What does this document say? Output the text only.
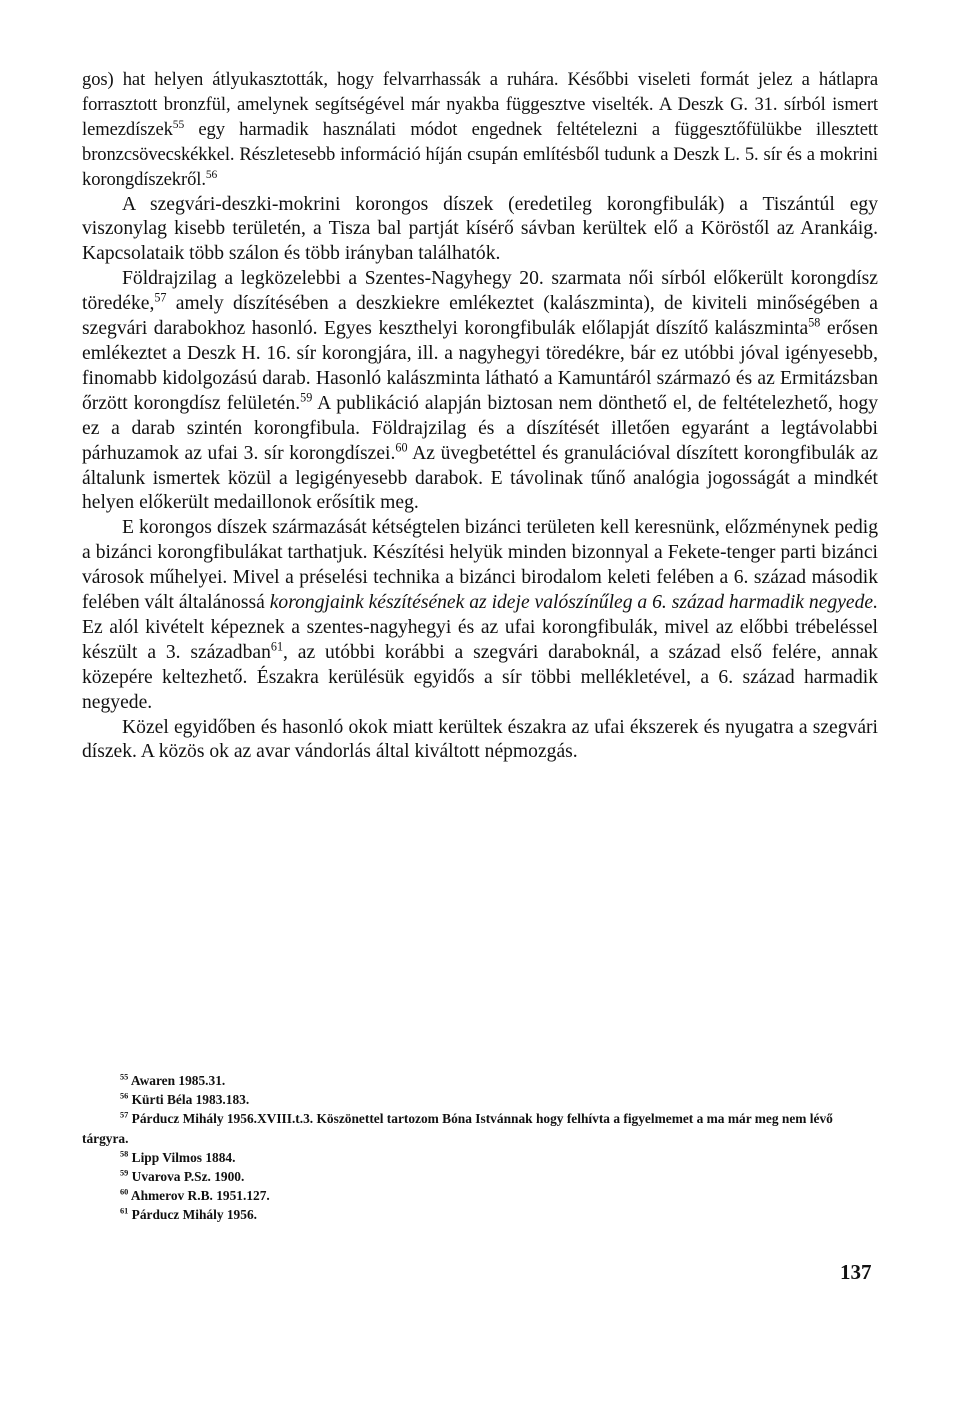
gos) hat helyen átlyukasztották, hogy felvarrhassák a ruhára. Későbbi viseleti formát jelez a hátlapra forrasztott bronzfül, amelynek segítségével már nyakba függesztve viselték. A Deszk G. 31. sírból ismert lemezdíszek$^{55}$ egy harmadik használati módot engednek feltételezni a függesztőfülükbe illesztett bronzcsövecskékkel. Részletesebb információ híján csupán említésből tudunk a Deszk L. 5. sír és a mokrini korongdíszekről.$^{56}$

A szegvári-deszki-mokrini korongos díszek (eredetileg korongfibulák) a Tiszántúl egy viszonylag kisebb területén, a Tisza bal partját kísérő sávban kerültek elő a Köröstől az Arankáig. Kapcsolataik több szálon és több irányban találhatók.

Földrajzilag a legközelebbi a Szentes-Nagyhegy 20. szarmata női sírból előkerült korongdísz töredéke,$^{57}$ amely díszítésében a deszkiekre emlékeztet (kalászminta), de kiviteli minőségében a szegvári darabokhoz hasonló. Egyes keszthelyi korongfibulák előlapját díszítő kalászminta$^{58}$ erősen emlékeztet a Deszk H. 16. sír korongjára, ill. a nagyhegyi töredékre, bár ez utóbbi jóval igényesebb, finomabb kidolgozású darab. Hasonló kalászminta látható a Kamuntáról származó és az Ermitázsban őrzött korongdísz felületén.$^{59}$ A publikáció alapján biztosan nem dönthető el, de feltételezhető, hogy ez a darab szintén korongfibula. Földrajzilag és a díszítését illetően egyaránt a legtávolabbi párhuzamok az ufai 3. sír korongdíszei.$^{60}$ Az üvegbetéttel és granulációval díszített korongfibulák az általunk ismertek közül a legigényesebb darabok. E távolinak tűnő analógia jogosságát a mindkét helyen előkerült medaillonok erősítik meg.

E korongos díszek származását kétségtelen bizánci területen kell keresnünk, előzménynek pedig a bizánci korongfibulákat tarthatjuk. Készítési helyük minden bizonnyal a Fekete-tenger parti bizánci városok műhelyei. Mivel a préselési technika a bizánci birodalom keleti felében a 6. század második felében vált általánossá korongjaink készítésének az ideje valószínűleg a 6. század harmadik negyede. Ez alól kivételt képeznek a szentes-nagyhegyi és az ufai korongfibulák, mivel az előbbi trébeléssel készült a 3. században$^{61}$, az utóbbi korábbi a szegvári daraboknál, a század első felére, annak közepére keltezhető. Északra kerülésük egyidős a sír többi mellékletével, a 6. század harmadik negyede.

Közel egyidőben és hasonló okok miatt kerültek északra az ufai ékszerek és nyugatra a szegvári díszek. A közös ok az avar vándorlás által kiváltott népmozgás.

$^{55}$ Awaren 1985.31.
$^{56}$ Kürti Béla 1983.183.
$^{57}$ Párducz Mihály 1956.XVIII.t.3. Köszönettel tartozom Bóna Istvánnak hogy felhívta a figyelmemet a ma már meg nem lévő tárgyra.
$^{58}$ Lipp Vilmos 1884.
$^{59}$ Uvarova P.Sz. 1900.
$^{60}$ Ahmerov R.B. 1951.127.
$^{61}$ Párducz Mihály 1956.
137
